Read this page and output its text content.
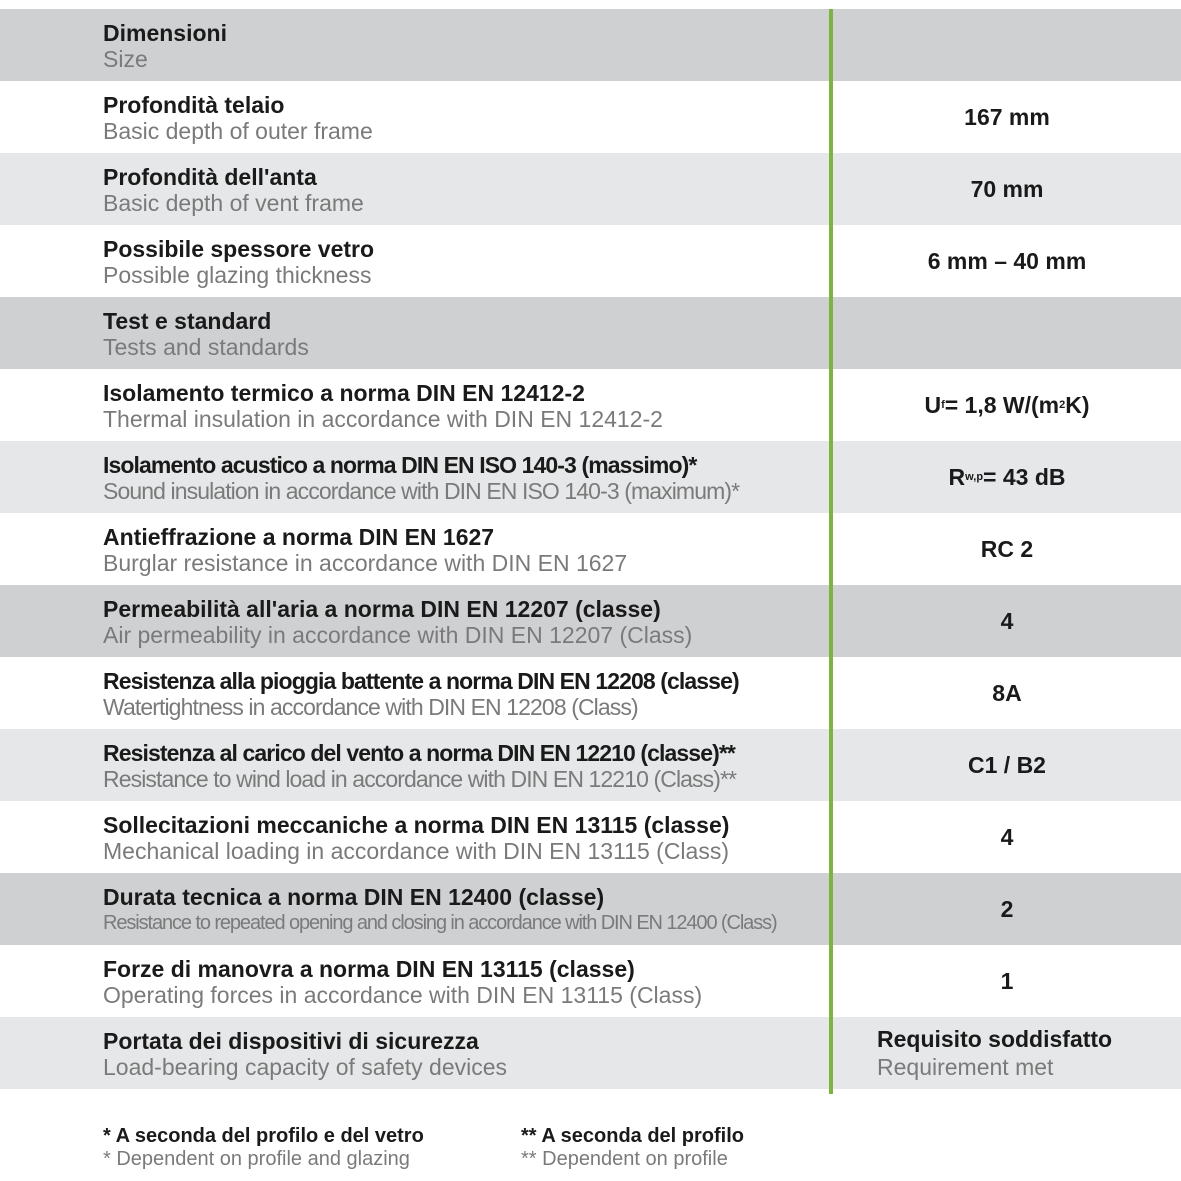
Dimensioni
Size
Profondità telaio
Basic depth of outer frame
167 mm
Profondità dell'anta
Basic depth of vent frame
70 mm
Possibile spessore vetro
Possible glazing thickness
6 mm – 40 mm
Test e standard
Tests and standards
Isolamento termico a norma DIN EN 12412-2
Thermal insulation in accordance with DIN EN 12412-2
U f = 1,8 W/(m 2 K)
Isolamento acustico a norma DIN EN ISO 140-3 (massimo)*
Sound insulation in accordance with DIN EN ISO 140-3 (maximum)*
R w,p = 43 dB
Antieffrazione a norma DIN EN 1627
Burglar resistance in accordance with DIN EN 1627
RC 2
Permeabilità all'aria a norma DIN EN 12207 (classe)
Air permeability in accordance with DIN EN 12207 (Class)
4
Resistenza alla pioggia battente a norma DIN EN 12208 (classe)
Watertightness in accordance with DIN EN 12208 (Class)
8A
Resistenza al carico del vento a norma DIN EN 12210 (classe)**
Resistance to wind load in accordance with DIN EN 12210 (Class)**
C1 / B2
Sollecitazioni meccaniche a norma DIN EN 13115 (classe)
Mechanical loading in accordance with DIN EN 13115 (Class)
4
Durata tecnica a norma DIN EN 12400 (classe)
Resistance to repeated opening and closing in accordance with DIN EN 12400 (Class)
2
Forze di manovra a norma DIN EN 13115 (classe)
Operating forces in accordance with DIN EN 13115 (Class)
1
Portata dei dispositivi di sicurezza
Load-bearing capacity of safety devices
Requisito soddisfatto
Requirement met
* A seconda del profilo e del vetro
* Dependent on profile and glazing
** A seconda del profilo
** Dependent on profile
